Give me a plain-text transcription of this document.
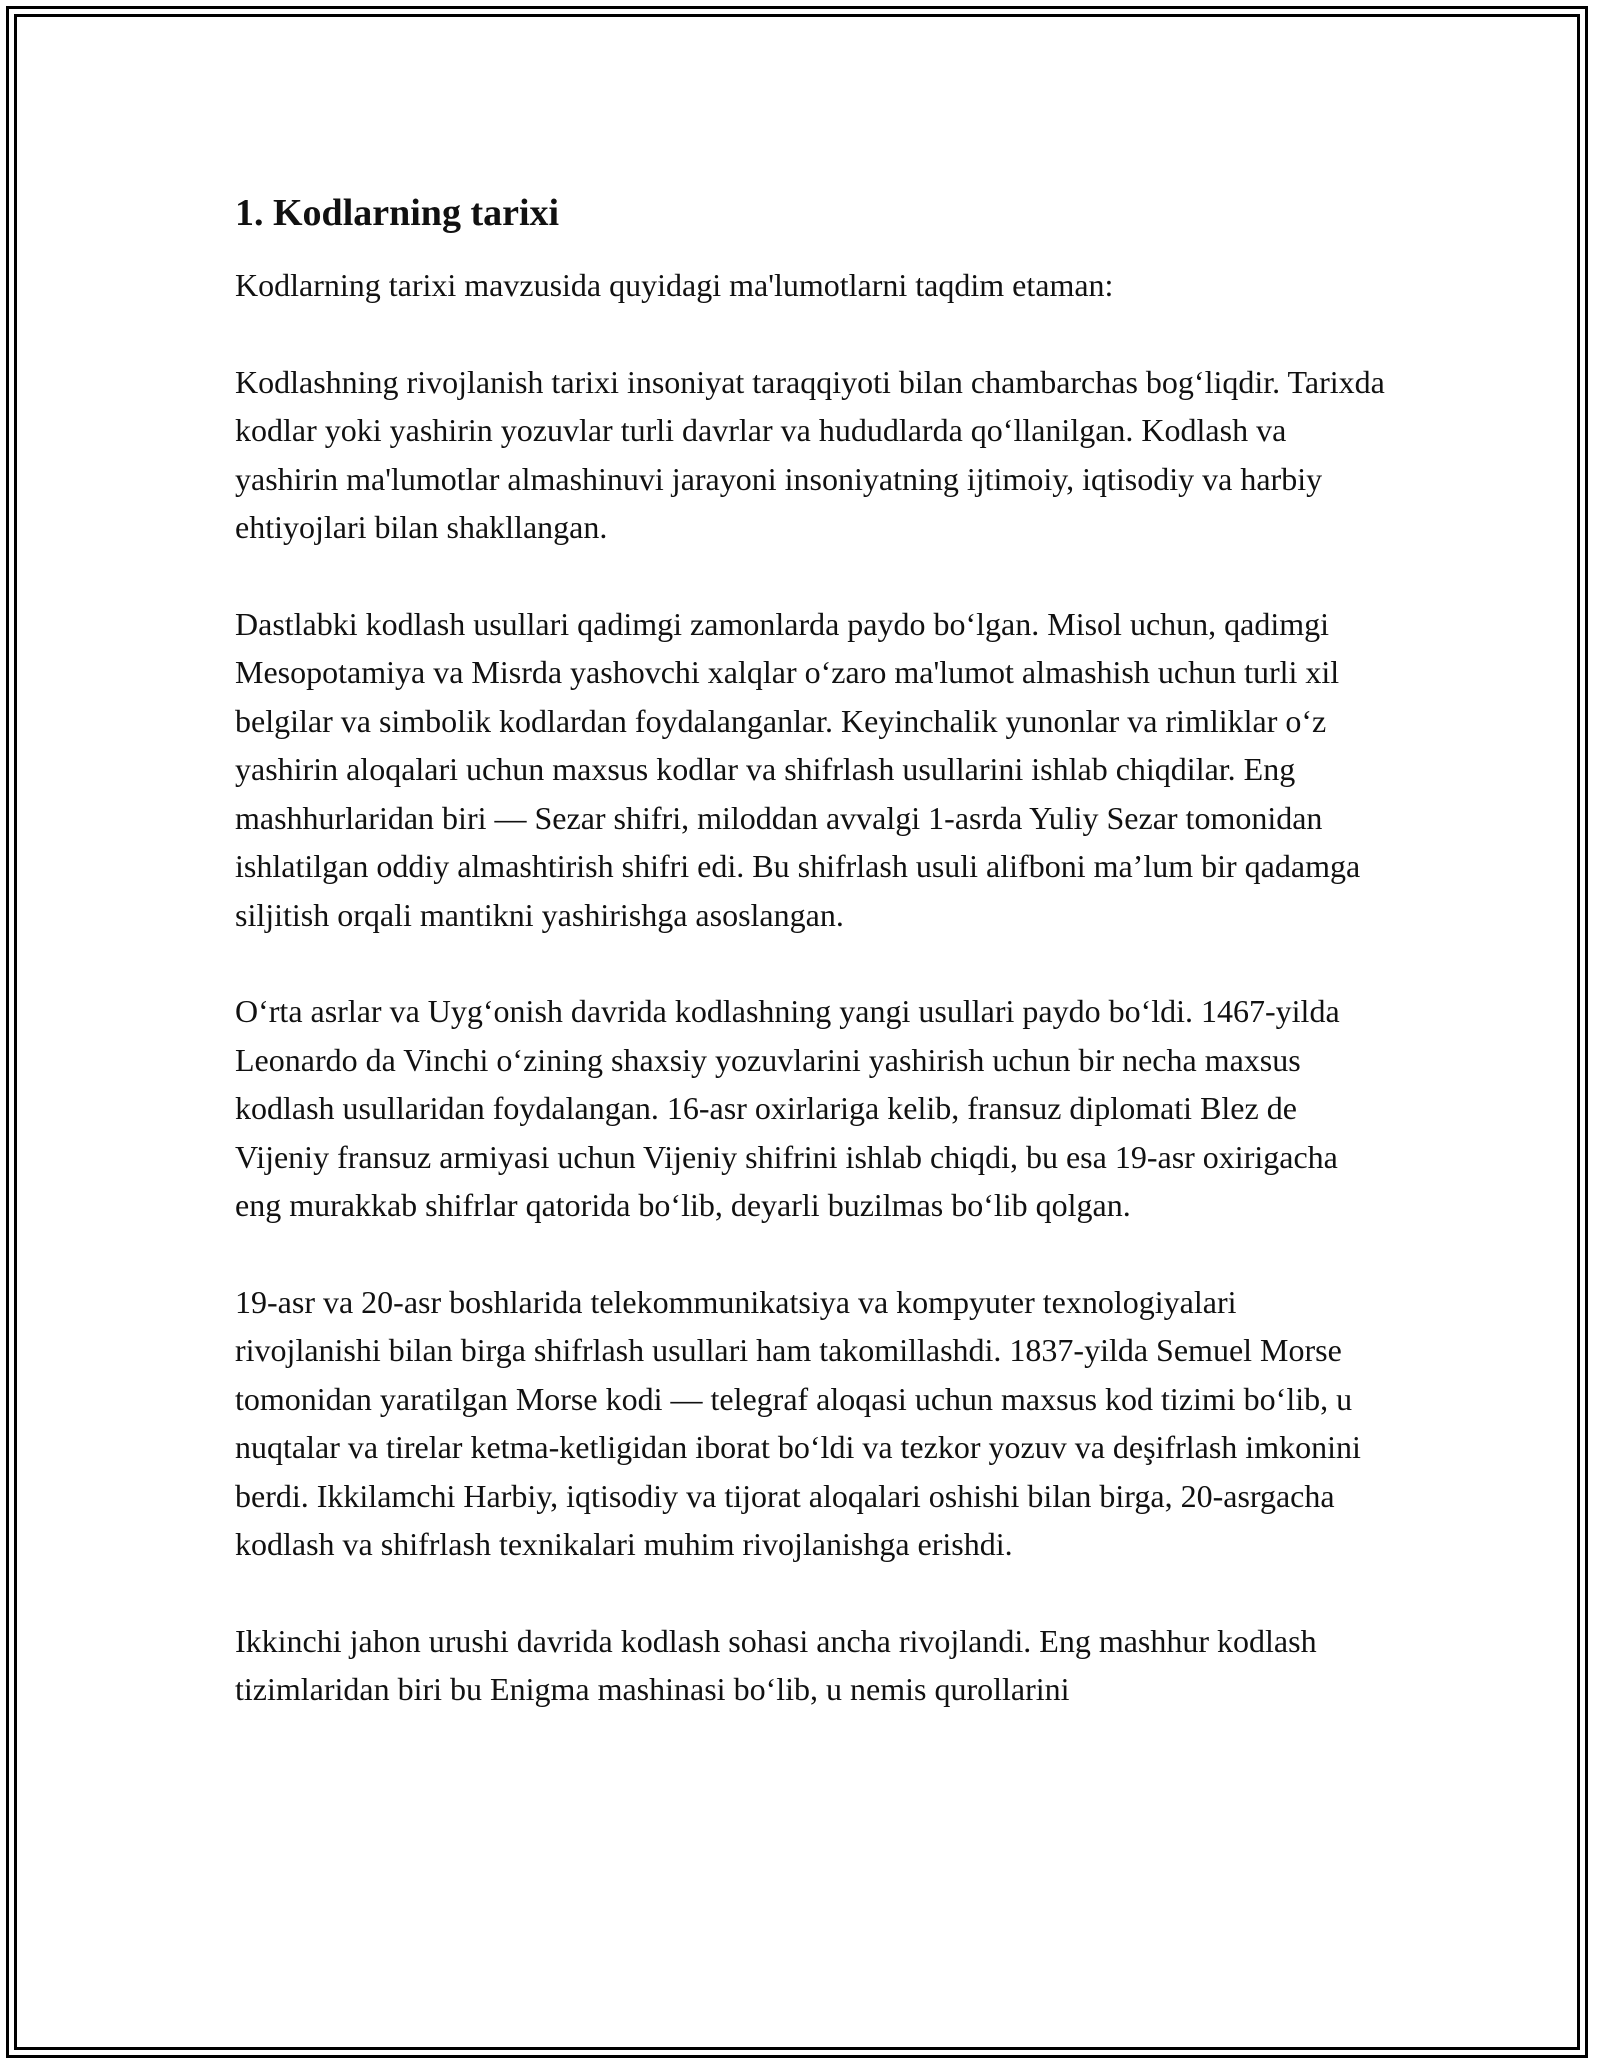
1. Kodlarning tarixi

Kodlarning tarixi mavzusida quyidagi ma'lumotlarni taqdim etaman:

Kodlashning rivojlanish tarixi insoniyat taraqqiyoti bilan chambarchas bog‘liqdir. Tarixda kodlar yoki yashirin yozuvlar turli davrlar va hududlarda qo‘llanilgan. Kodlash va yashirin ma'lumotlar almashinuvi jarayoni insoniyatning ijtimoiy, iqtisodiy va harbiy ehtiyojlari bilan shakllangan.

Dastlabki kodlash usullari qadimgi zamonlarda paydo bo‘lgan. Misol uchun, qadimgi Mesopotamiya va Misrda yashovchi xalqlar o‘zaro ma'lumot almashish uchun turli xil belgilar va simbolik kodlardan foydalanganlar. Keyinchalik yunonlar va rimliklar o‘z yashirin aloqalari uchun maxsus kodlar va shifrlash usullarini ishlab chiqdilar. Eng mashhurlaridan biri — Sezar shifri, miloddan avvalgi 1-asrda Yuliy Sezar tomonidan ishlatilgan oddiy almashtirish shifri edi. Bu shifrlash usuli alifboni ma’lum bir qadamga siljitish orqali mantikni yashirishga asoslangan.

O‘rta asrlar va Uyg‘onish davrida kodlashning yangi usullari paydo bo‘ldi. 1467-yilda Leonardo da Vinchi o‘zining shaxsiy yozuvlarini yashirish uchun bir necha maxsus kodlash usullaridan foydalangan. 16-asr oxirlariga kelib, fransuz diplomati Blez de Vijeniy fransuz armiyasi uchun Vijeniy shifrini ishlab chiqdi, bu esa 19-asr oxirigacha eng murakkab shifrlar qatorida bo‘lib, deyarli buzilmas bo‘lib qolgan.

19-asr va 20-asr boshlarida telekommunikatsiya va kompyuter texnologiyalari rivojlanishi bilan birga shifrlash usullari ham takomillashdi. 1837-yilda Semuel Morse tomonidan yaratilgan Morse kodi — telegraf aloqasi uchun maxsus kod tizimi bo‘lib, u nuqtalar va tirelar ketma-ketligidan iborat bo‘ldi va tezkor yozuv va deşifrlash imkonini berdi. Ikkilamchi Harbiy, iqtisodiy va tijorat aloqalari oshishi bilan birga, 20-asrgacha kodlash va shifrlash texnikalari muhim rivojlanishga erishdi.

Ikkinchi jahon urushi davrida kodlash sohasi ancha rivojlandi. Eng mashhur kodlash tizimlaridan biri bu Enigma mashinasi bo‘lib, u nemis qurollarini
